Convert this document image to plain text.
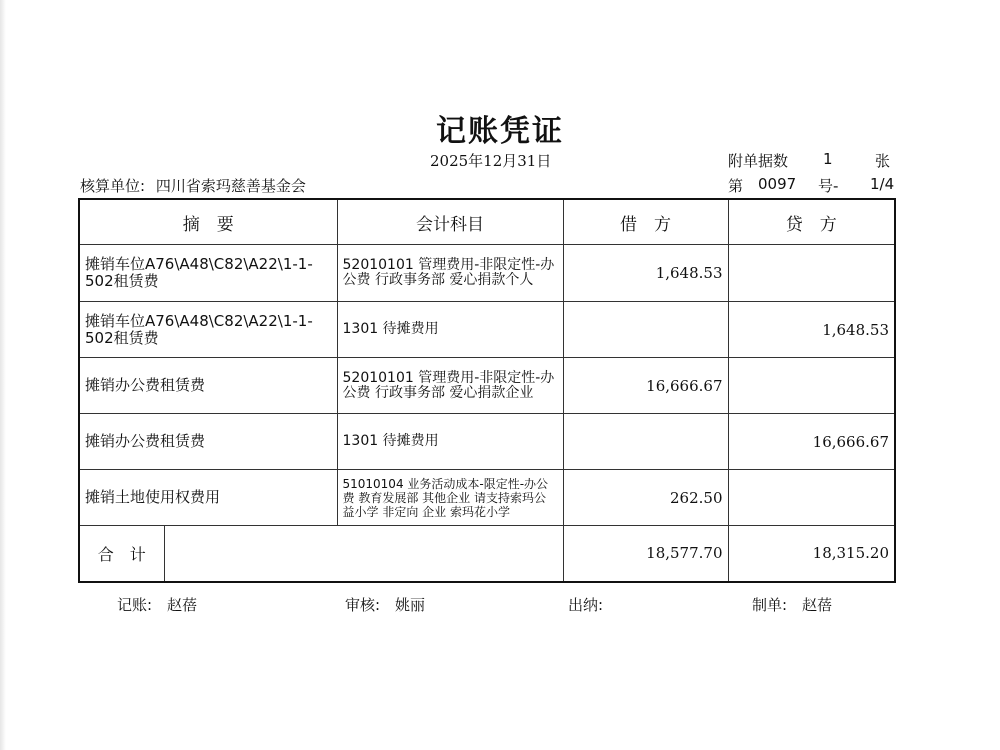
记账凭证
2025年12月31日	附单据数 1	张
核算单位: 四川省索玛慈善基金会	第 0097 号- 1/4
摘　要		会计科目	借　方	贷　方
摊销车位A76\A48\C82\A22\1-1-502租赁费		52010101 管理费用-非限定性-办公费 行政事务部 爱心捐款个人	1,648.53	
摊销车位A76\A48\C82\A22\1-1-502租赁费		1301 待摊费用		1,648.53
摊销办公费租赁费		52010101 管理费用-非限定性-办公费 行政事务部 爱心捐款企业	16,666.67	
摊销办公费租赁费		1301 待摊费用		16,666.67
摊销土地使用权费用		51010104 业务活动成本-限定性-办公费 教育发展部 其他企业 请支持索玛公益小学 非定向 企业 索玛花小学	262.50	
合　计			18,577.70	18,315.20
记账:　赵蓓	审核:　姚丽	出纳:	制单:　赵蓓
